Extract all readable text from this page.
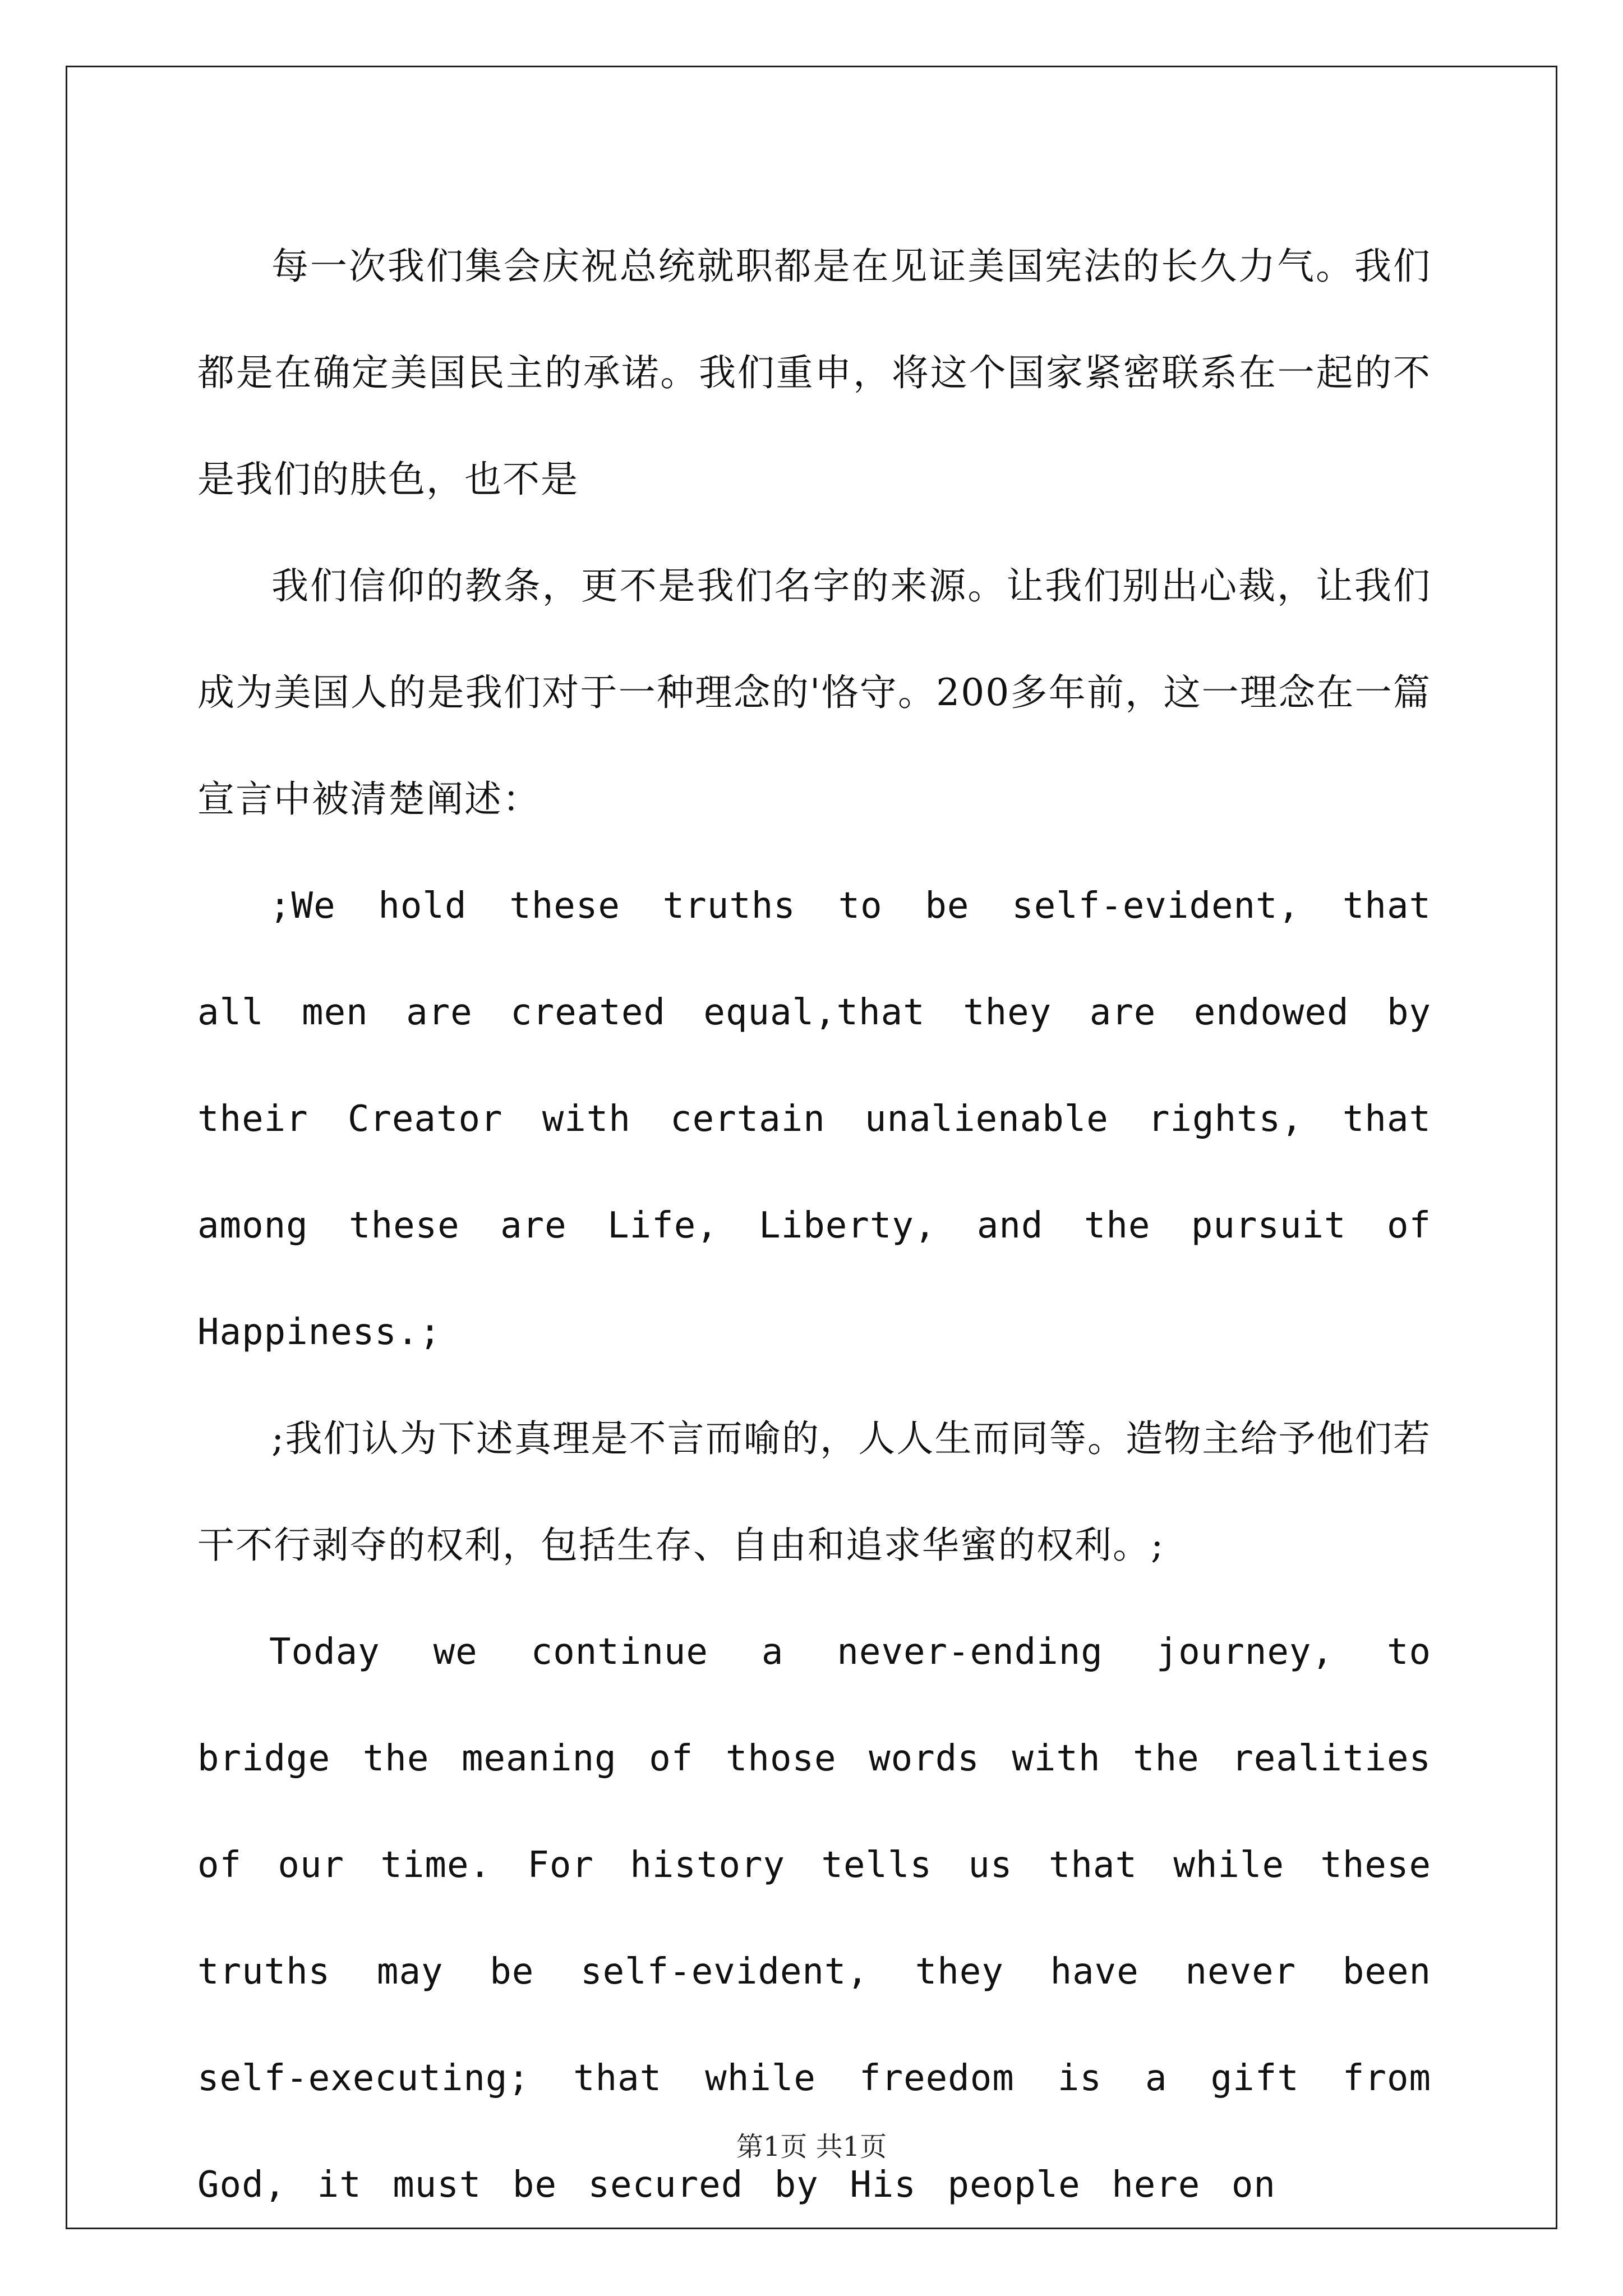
每一次我们集会庆祝总统就职都是在见证美国宪法的长久力气。我们都是在确定美国民主的承诺。我们重申，将这个国家紧密联系在一起的不是我们的肤色，也不是

我们信仰的教条，更不是我们名字的来源。让我们别出心裁，让我们成为美国人的是我们对于一种理念的'恪守。200多年前，这一理念在一篇宣言中被清楚阐述：

;We hold these truths to be self-evident, that all men are created equal,that they are endowed by their Creator with certain unalienable rights, that among these are Life, Liberty, and the pursuit of Happiness.;

;我们认为下述真理是不言而喻的，人人生而同等。造物主给予他们若干不行剥夺的权利，包括生存、自由和追求华蜜的权利。;

Today we continue a never-ending journey, to bridge the meaning of those words with the realities of our time. For history tells us that while these truths may be self-evident, they have never been self-executing; that while freedom is a gift from God, it must be secured by His people here on

第1页 共1页
